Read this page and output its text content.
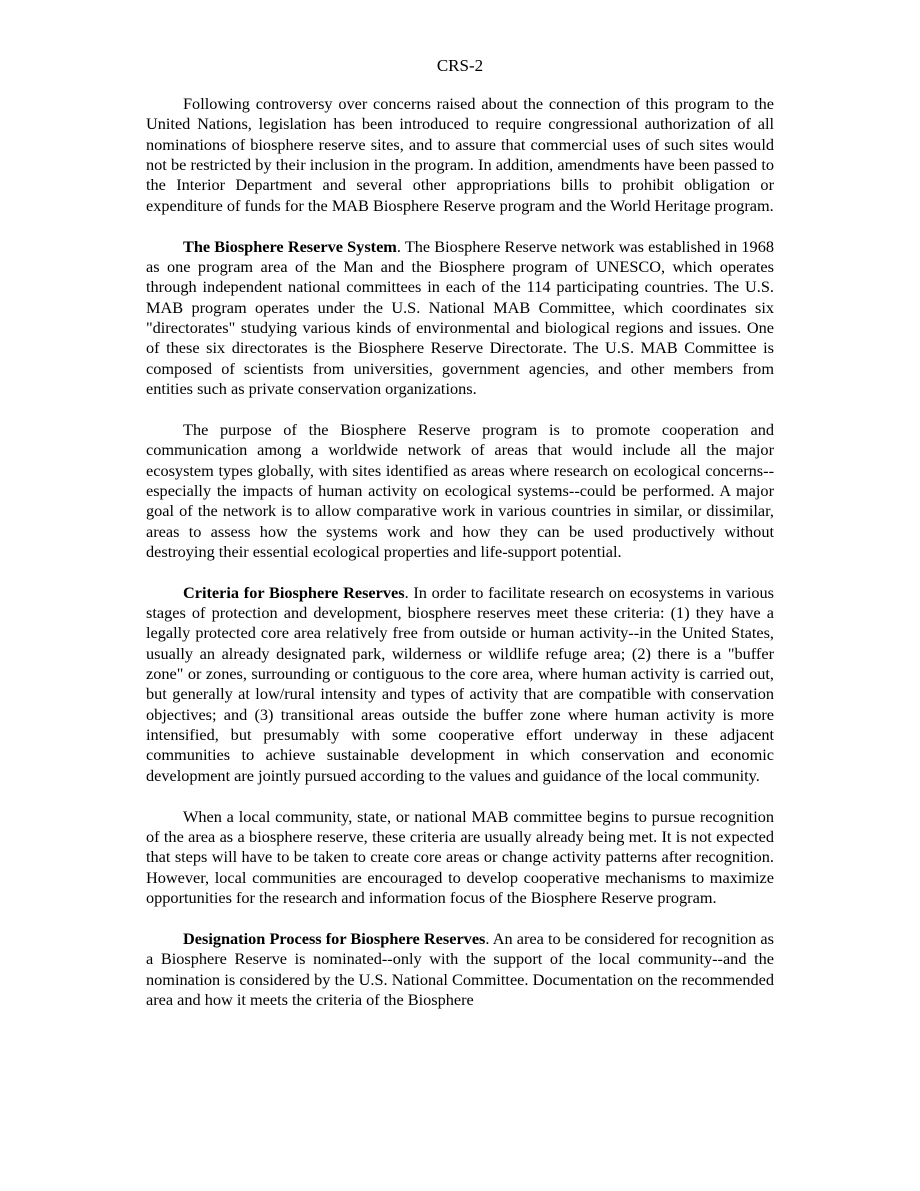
CRS-2

Following controversy over concerns raised about the connection of this program to the United Nations, legislation has been introduced to require congressional authorization of all nominations of biosphere reserve sites, and to assure that commercial uses of such sites would not be restricted by their inclusion in the program. In addition, amendments have been passed to the Interior Department and several other appropriations bills to prohibit obligation or expenditure of funds for the MAB Biosphere Reserve program and the World Heritage program.

The Biosphere Reserve System. The Biosphere Reserve network was established in 1968 as one program area of the Man and the Biosphere program of UNESCO, which operates through independent national committees in each of the 114 participating countries. The U.S. MAB program operates under the U.S. National MAB Committee, which coordinates six "directorates" studying various kinds of environmental and biological regions and issues. One of these six directorates is the Biosphere Reserve Directorate. The U.S. MAB Committee is composed of scientists from universities, government agencies, and other members from entities such as private conservation organizations.

The purpose of the Biosphere Reserve program is to promote cooperation and communication among a worldwide network of areas that would include all the major ecosystem types globally, with sites identified as areas where research on ecological concerns--especially the impacts of human activity on ecological systems--could be performed. A major goal of the network is to allow comparative work in various countries in similar, or dissimilar, areas to assess how the systems work and how they can be used productively without destroying their essential ecological properties and life-support potential.

Criteria for Biosphere Reserves. In order to facilitate research on ecosystems in various stages of protection and development, biosphere reserves meet these criteria: (1) they have a legally protected core area relatively free from outside or human activity--in the United States, usually an already designated park, wilderness or wildlife refuge area; (2) there is a "buffer zone" or zones, surrounding or contiguous to the core area, where human activity is carried out, but generally at low/rural intensity and types of activity that are compatible with conservation objectives; and (3) transitional areas outside the buffer zone where human activity is more intensified, but presumably with some cooperative effort underway in these adjacent communities to achieve sustainable development in which conservation and economic development are jointly pursued according to the values and guidance of the local community.

When a local community, state, or national MAB committee begins to pursue recognition of the area as a biosphere reserve, these criteria are usually already being met. It is not expected that steps will have to be taken to create core areas or change activity patterns after recognition. However, local communities are encouraged to develop cooperative mechanisms to maximize opportunities for the research and information focus of the Biosphere Reserve program.

Designation Process for Biosphere Reserves. An area to be considered for recognition as a Biosphere Reserve is nominated--only with the support of the local community--and the nomination is considered by the U.S. National Committee. Documentation on the recommended area and how it meets the criteria of the Biosphere
